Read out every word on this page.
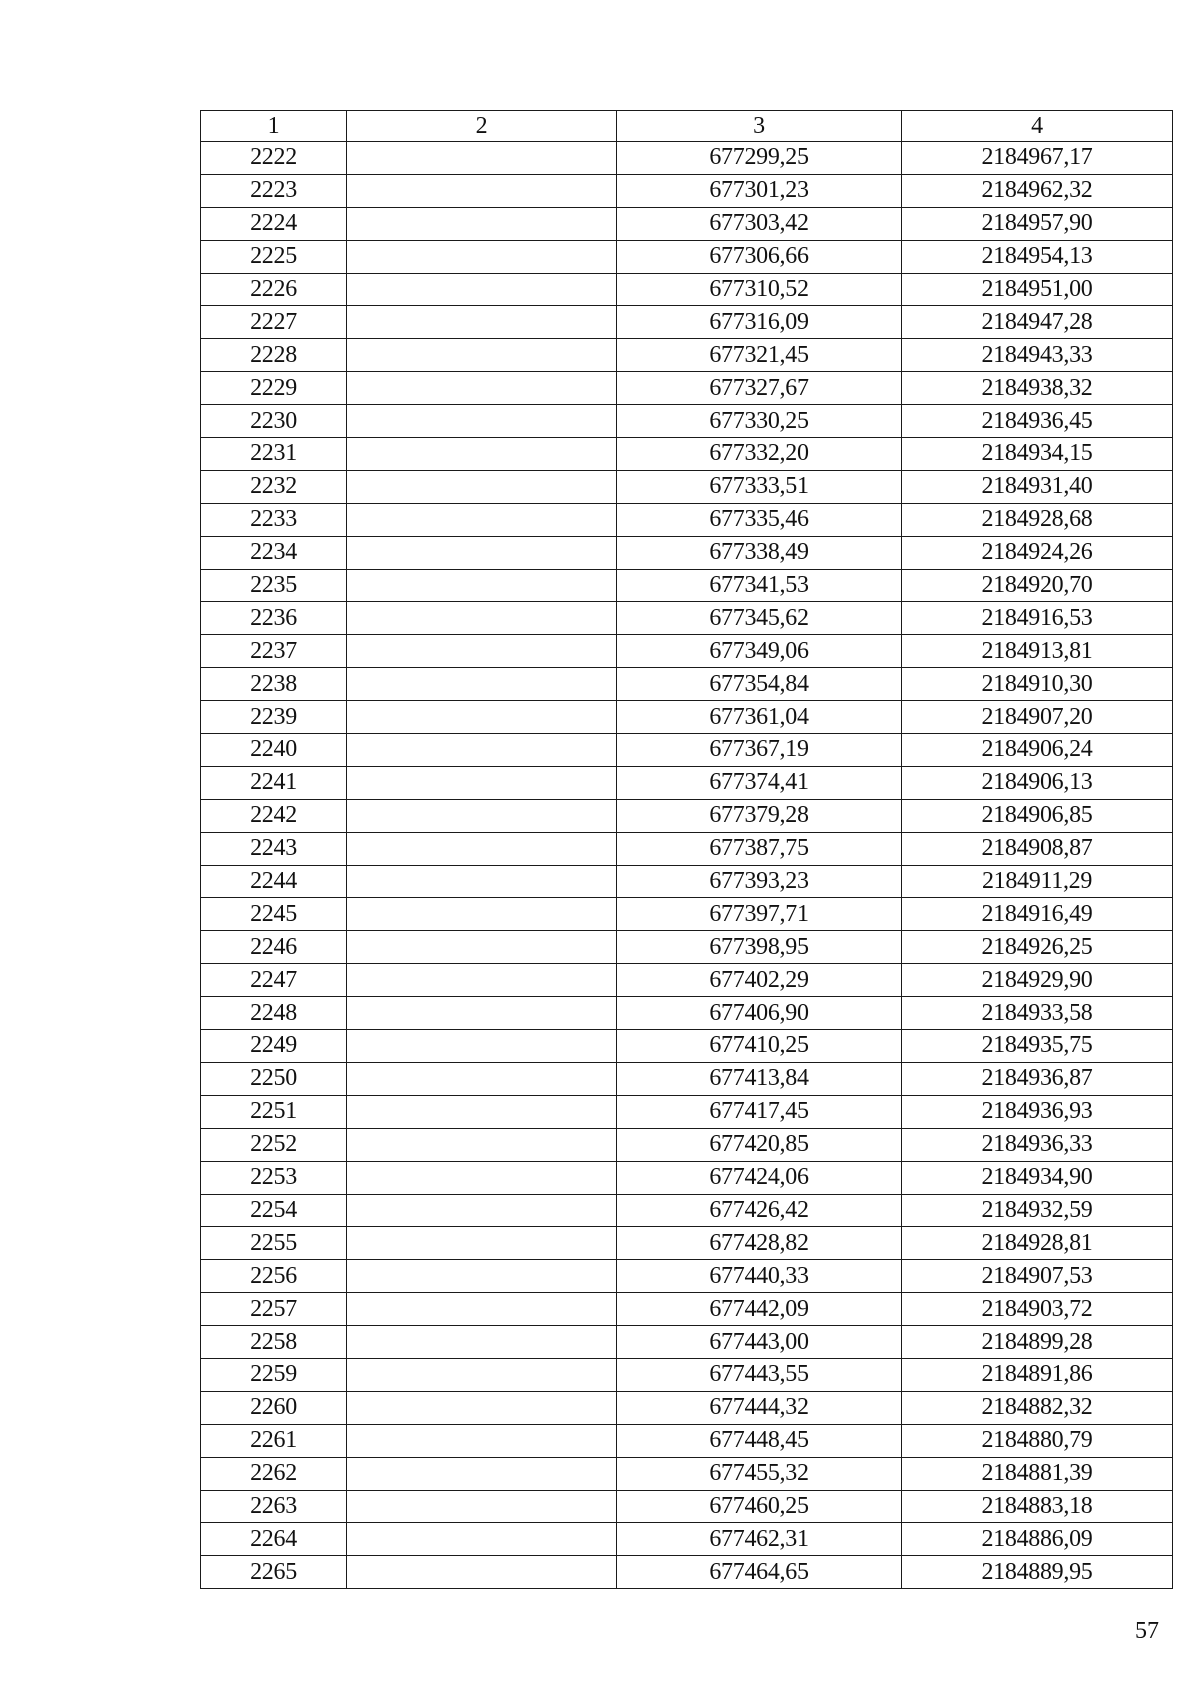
1	2	3	4
2222		677299,25	2184967,17
2223		677301,23	2184962,32
2224		677303,42	2184957,90
2225		677306,66	2184954,13
2226		677310,52	2184951,00
2227		677316,09	2184947,28
2228		677321,45	2184943,33
2229		677327,67	2184938,32
2230		677330,25	2184936,45
2231		677332,20	2184934,15
2232		677333,51	2184931,40
2233		677335,46	2184928,68
2234		677338,49	2184924,26
2235		677341,53	2184920,70
2236		677345,62	2184916,53
2237		677349,06	2184913,81
2238		677354,84	2184910,30
2239		677361,04	2184907,20
2240		677367,19	2184906,24
2241		677374,41	2184906,13
2242		677379,28	2184906,85
2243		677387,75	2184908,87
2244		677393,23	2184911,29
2245		677397,71	2184916,49
2246		677398,95	2184926,25
2247		677402,29	2184929,90
2248		677406,90	2184933,58
2249		677410,25	2184935,75
2250		677413,84	2184936,87
2251		677417,45	2184936,93
2252		677420,85	2184936,33
2253		677424,06	2184934,90
2254		677426,42	2184932,59
2255		677428,82	2184928,81
2256		677440,33	2184907,53
2257		677442,09	2184903,72
2258		677443,00	2184899,28
2259		677443,55	2184891,86
2260		677444,32	2184882,32
2261		677448,45	2184880,79
2262		677455,32	2184881,39
2263		677460,25	2184883,18
2264		677462,31	2184886,09
2265		677464,65	2184889,95
57
